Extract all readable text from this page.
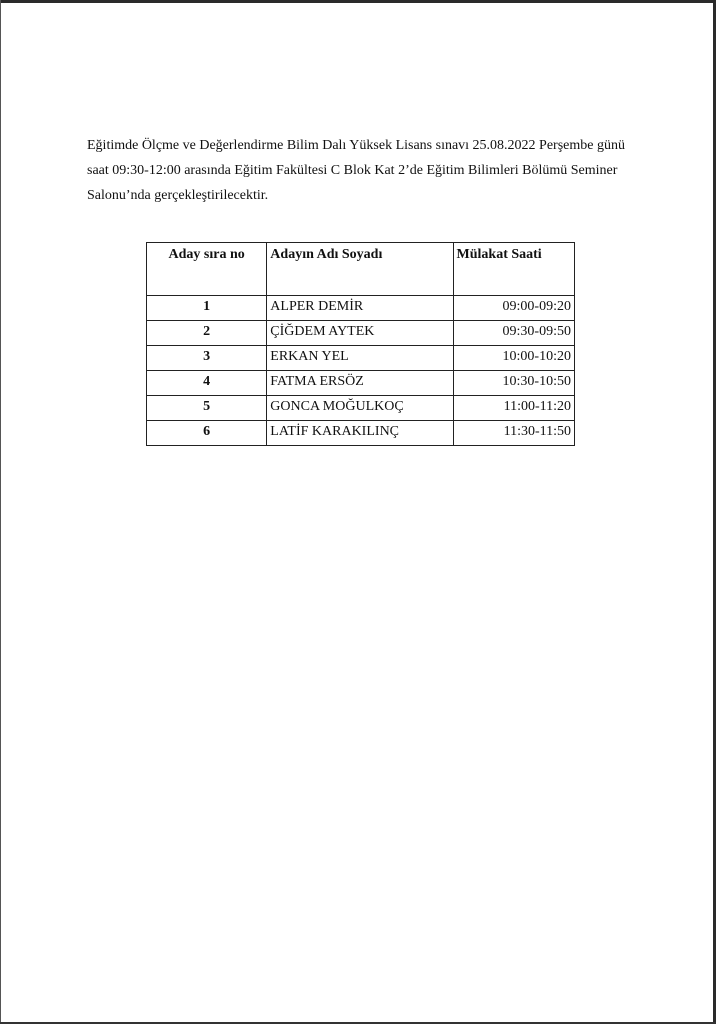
Eğitimde Ölçme ve Değerlendirme Bilim Dalı Yüksek Lisans sınavı 25.08.2022 Perşembe günü
saat 09:30-12:00 arasında Eğitim Fakültesi C Blok Kat 2’de Eğitim Bilimleri Bölümü Seminer
Salonu’nda gerçekleştirilecektir.

Aday sıra no	Adayın Adı Soyadı	Mülakat Saati
1	ALPER DEMİR	09:00-09:20
2	ÇİĞDEM AYTEK	09:30-09:50
3	ERKAN YEL	10:00-10:20
4	FATMA ERSÖZ	10:30-10:50
5	GONCA MOĞULKOÇ	11:00-11:20
6	LATİF KARAKILINÇ	11:30-11:50
